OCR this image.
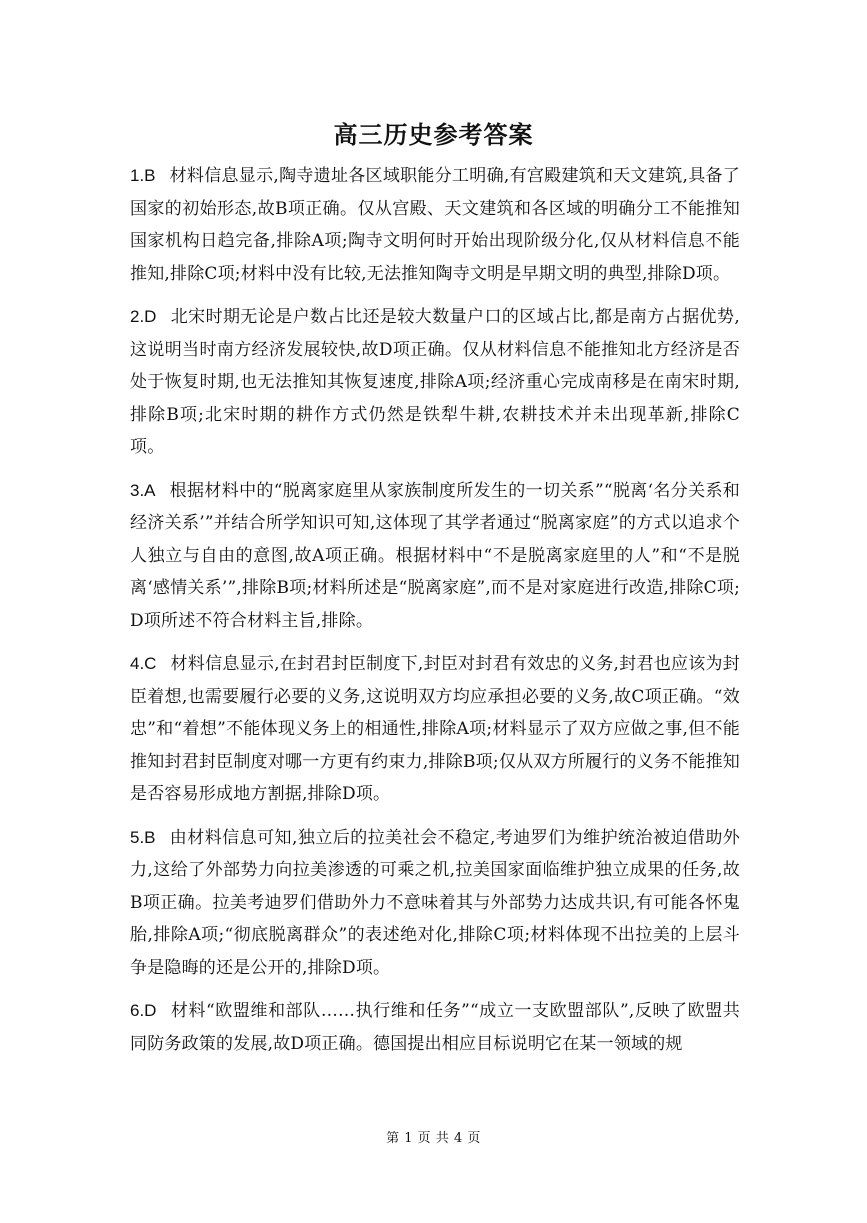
高三历史参考答案

1.B 材料信息显示,陶寺遗址各区域职能分工明确,有宫殿建筑和天文建筑,具备了国家的初始形态,故B项正确。仅从宫殿、天文建筑和各区域的明确分工不能推知国家机构日趋完备,排除A项;陶寺文明何时开始出现阶级分化,仅从材料信息不能推知,排除C项;材料中没有比较,无法推知陶寺文明是早期文明的典型,排除D项。

2.D 北宋时期无论是户数占比还是较大数量户口的区域占比,都是南方占据优势,这说明当时南方经济发展较快,故D项正确。仅从材料信息不能推知北方经济是否处于恢复时期,也无法推知其恢复速度,排除A项;经济重心完成南移是在南宋时期,排除B项;北宋时期的耕作方式仍然是铁犁牛耕,农耕技术并未出现革新,排除C项。

3.A 根据材料中的“脱离家庭里从家族制度所发生的一切关系”“脱离‘名分关系和经济关系’”并结合所学知识可知,这体现了其学者通过“脱离家庭”的方式以追求个人独立与自由的意图,故A项正确。根据材料中“不是脱离家庭里的人”和“不是脱离‘感情关系’”,排除B项;材料所述是“脱离家庭”,而不是对家庭进行改造,排除C项;D项所述不符合材料主旨,排除。

4.C 材料信息显示,在封君封臣制度下,封臣对封君有效忠的义务,封君也应该为封臣着想,也需要履行必要的义务,这说明双方均应承担必要的义务,故C项正确。“效忠”和“着想”不能体现义务上的相通性,排除A项;材料显示了双方应做之事,但不能推知封君封臣制度对哪一方更有约束力,排除B项;仅从双方所履行的义务不能推知是否容易形成地方割据,排除D项。

5.B 由材料信息可知,独立后的拉美社会不稳定,考迪罗们为维护统治被迫借助外力,这给了外部势力向拉美渗透的可乘之机,拉美国家面临维护独立成果的任务,故B项正确。拉美考迪罗们借助外力不意味着其与外部势力达成共识,有可能各怀鬼胎,排除A项;“彻底脱离群众”的表述绝对化,排除C项;材料体现不出拉美的上层斗争是隐晦的还是公开的,排除D项。

6.D 材料“欧盟维和部队……执行维和任务”“成立一支欧盟部队”,反映了欧盟共同防务政策的发展,故D项正确。德国提出相应目标说明它在某一领域的规

第 1 页 共 4 页
